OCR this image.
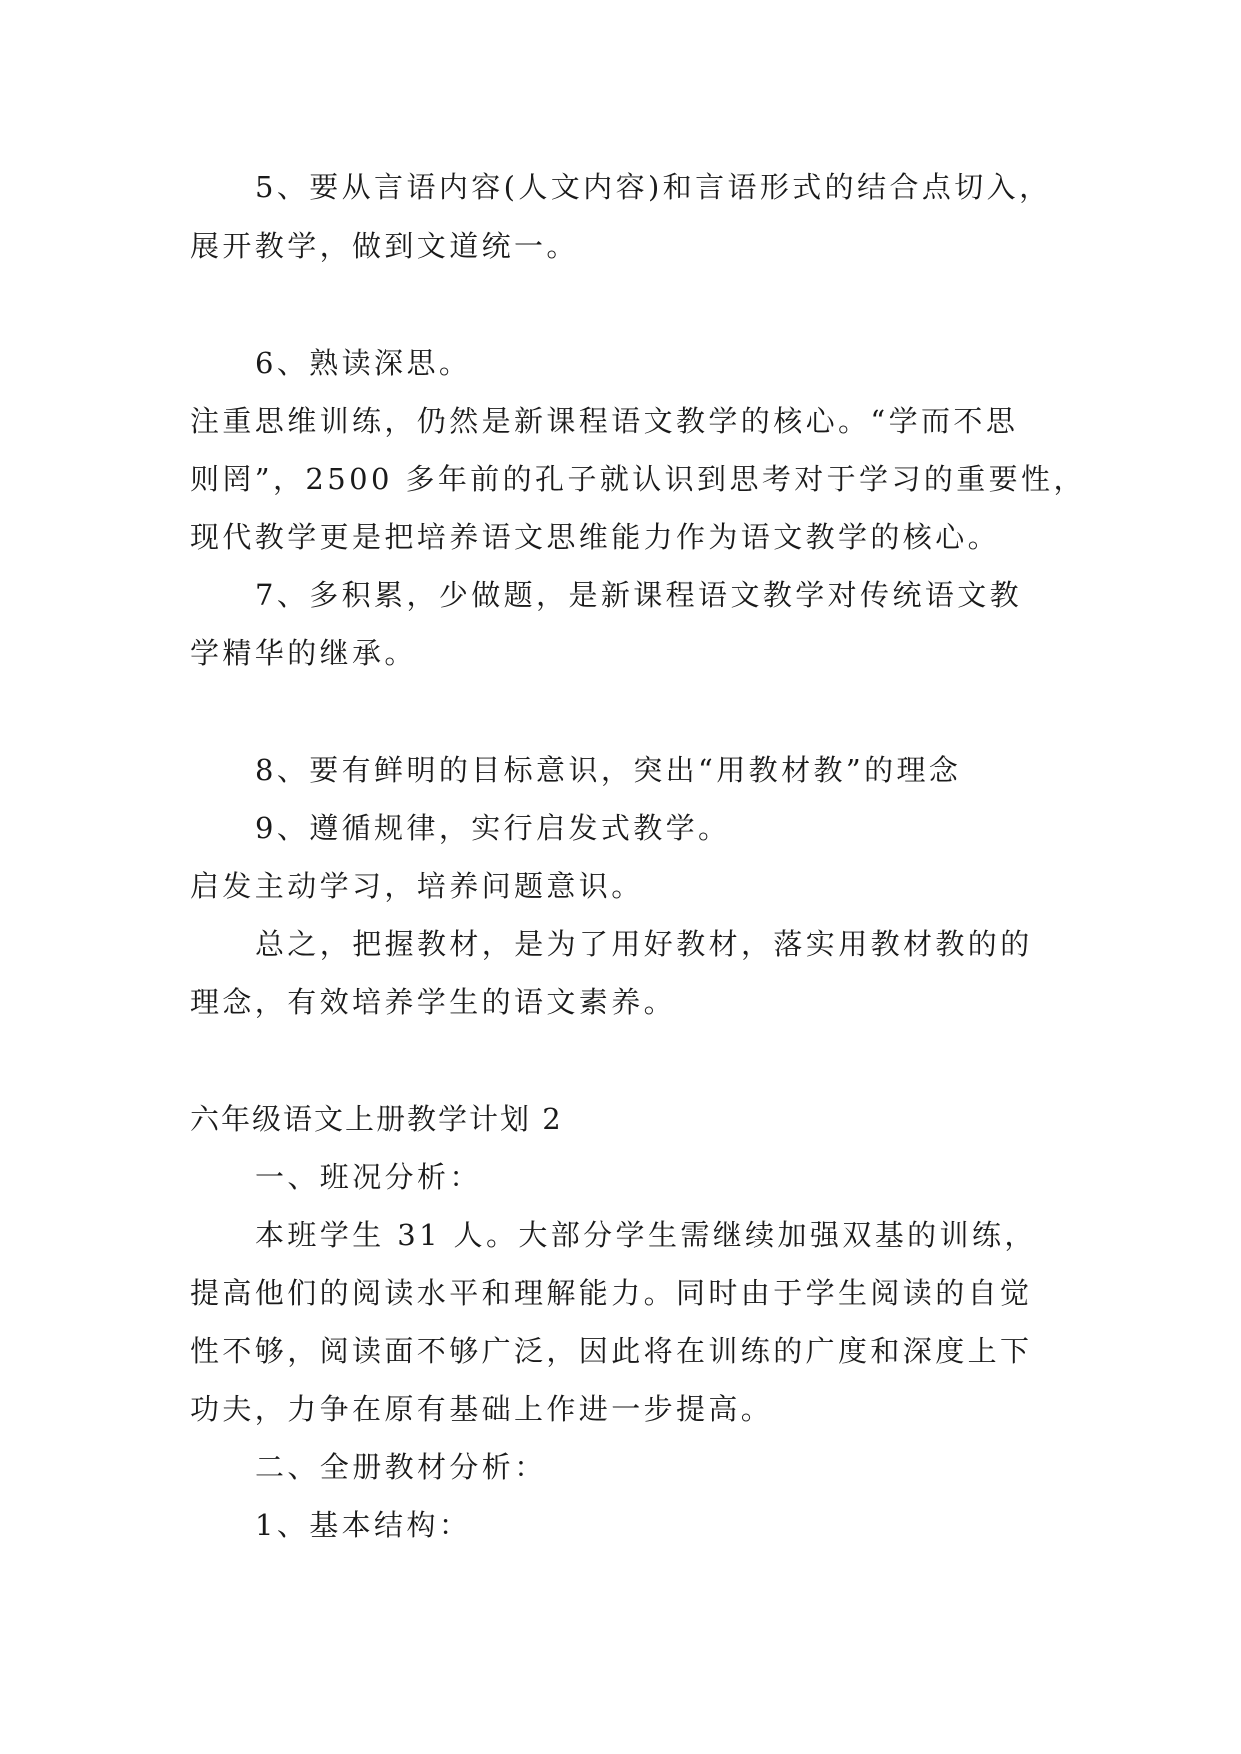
5、要从言语内容(人文内容)和言语形式的结合点切入，
展开教学，做到文道统一。
6、熟读深思。
注重思维训练，仍然是新课程语文教学的核心。“学而不思
则罔”，2500 多年前的孔子就认识到思考对于学习的重要性，
现代教学更是把培养语文思维能力作为语文教学的核心。
7、多积累，少做题，是新课程语文教学对传统语文教
学精华的继承。
8、要有鲜明的目标意识，突出“用教材教”的理念
9、遵循规律，实行启发式教学。
启发主动学习，培养问题意识。
总之，把握教材，是为了用好教材，落实用教材教的的
理念，有效培养学生的语文素养。
六年级语文上册教学计划 2
一、班况分析：
本班学生 31 人。大部分学生需继续加强双基的训练，
提高他们的阅读水平和理解能力。同时由于学生阅读的自觉
性不够，阅读面不够广泛，因此将在训练的广度和深度上下
功夫，力争在原有基础上作进一步提高。
二、全册教材分析：
1、基本结构：
